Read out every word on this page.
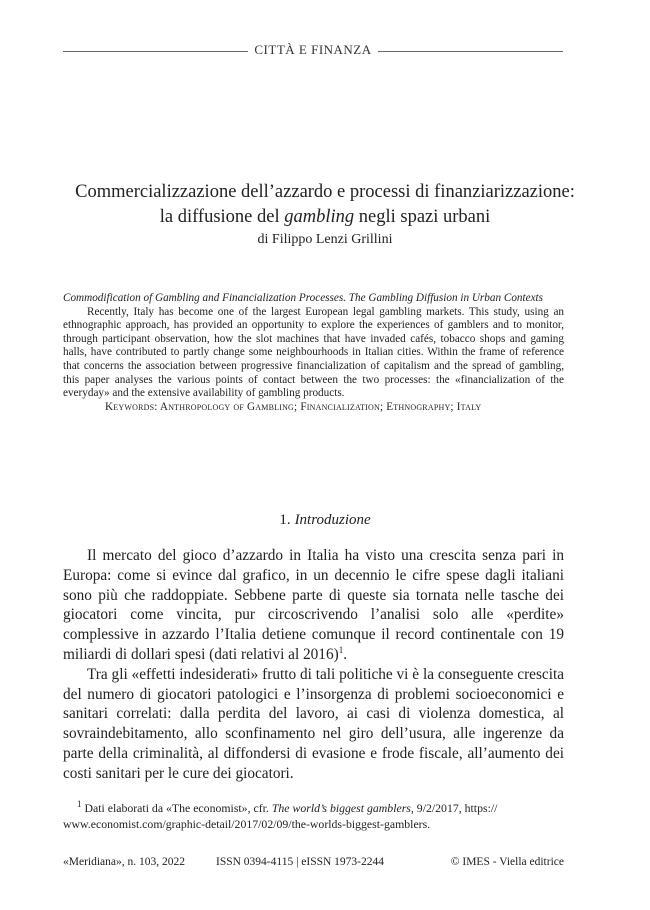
CITTÀ E FINANZA
Commercializzazione dell’azzardo e processi di finanziarizzazione:
la diffusione del gambling negli spazi urbani
di Filippo Lenzi Grillini
Commodification of Gambling and Financialization Processes. The Gambling Diffusion in Urban Contexts
Recently, Italy has become one of the largest European legal gambling markets. This study, using an ethnographic approach, has provided an opportunity to explore the experiences of gamblers and to monitor, through participant observation, how the slot machines that have invaded cafés, tobacco shops and gaming halls, have contributed to partly change some neighbourhoods in Italian cities. Within the frame of reference that concerns the association between progressive financialization of capitalism and the spread of gambling, this paper analyses the various points of contact between the two processes: the «financialization of the everyday» and the extensive availability of gambling products.
Keywords: Anthropology of Gambling; Financialization; Ethnography; Italy
1. Introduzione

Il mercato del gioco d’azzardo in Italia ha visto una crescita senza pari in Europa: come si evince dal grafico, in un decennio le cifre spese dagli italiani sono più che raddoppiate. Sebbene parte di queste sia tornata nelle tasche dei giocatori come vincita, pur circoscrivendo l’analisi solo alle «perdite» complessive in azzardo l’Italia detiene comunque il record continentale con 19 miliardi di dollari spesi (dati relativi al 2016)$^1$.

Tra gli «effetti indesiderati» frutto di tali politiche vi è la conseguente crescita del numero di giocatori patologici e l’insorgenza di problemi socioeconomici e sanitari correlati: dalla perdita del lavoro, ai casi di violenza domestica, al sovraindebitamento, allo sconfinamento nel giro dell’usura, alle ingerenze da parte della criminalità, al diffondersi di evasione e frode fiscale, all’aumento dei costi sanitari per le cure dei giocatori.

$^1$ Dati elaborati da «The economist», cfr. The world’s biggest gamblers, 9/2/2017, https://
www.economist.com/graphic-detail/2017/02/09/the-worlds-biggest-gamblers.
«Meridiana», n. 103, 2022	ISSN 0394-4115 | eISSN 1973-2244	© IMES - Viella editrice
